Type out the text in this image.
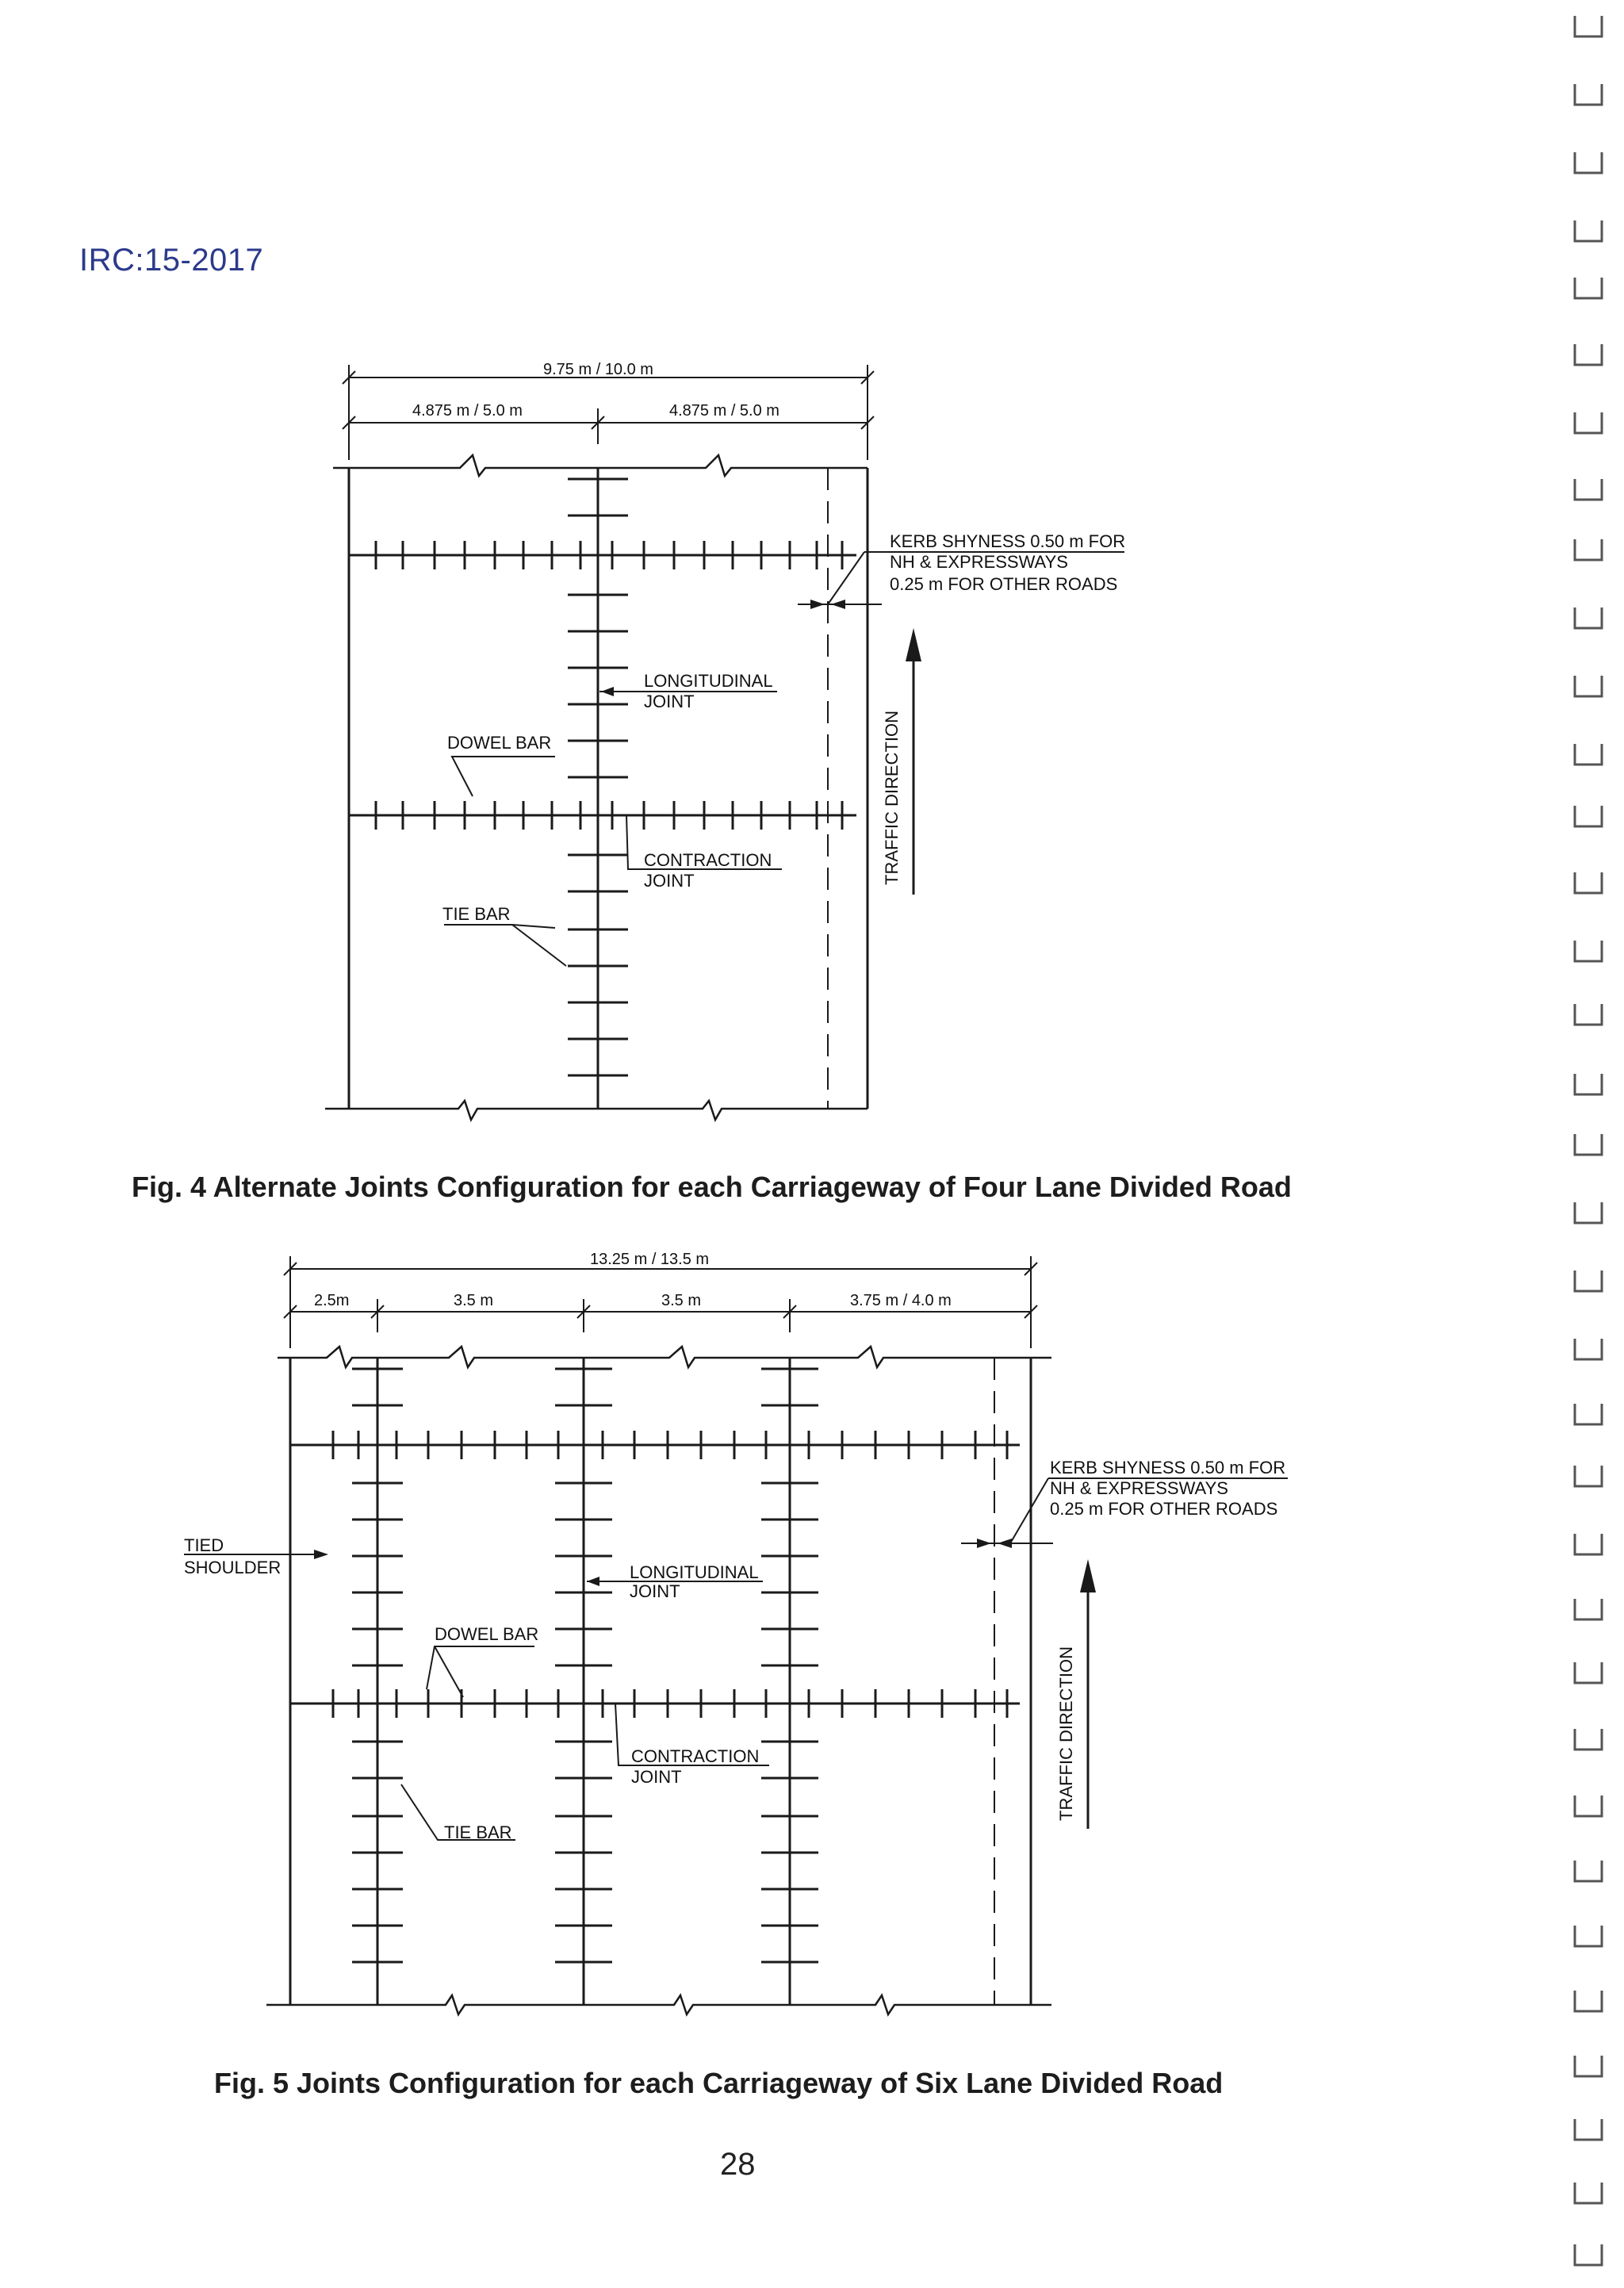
IRC:15-2017
9.75 m / 10.0 m
4.875 m / 5.0 m	4.875 m / 5.0 m
KERB SHYNESS 0.50 m FOR
NH & EXPRESSWAYS
0.25 m FOR OTHER ROADS
LONGITUDINAL
JOINT
DOWEL BAR
CONTRACTION
JOINT
TIE BAR
TRAFFIC DIRECTION
Fig. 4 Alternate Joints Configuration for each Carriageway of Four Lane Divided Road
13.25 m / 13.5 m
2.5m	3.5 m	3.5 m	3.75 m / 4.0 m
KERB SHYNESS 0.50 m FOR
NH & EXPRESSWAYS
0.25 m FOR OTHER ROADS
TIED
SHOULDER	LONGITUDINAL
JOINT
DOWEL BAR
CONTRACTION
JOINT
TIE BAR
TRAFFIC DIRECTION
Fig. 5 Joints Configuration for each Carriageway of Six Lane Divided Road
28
